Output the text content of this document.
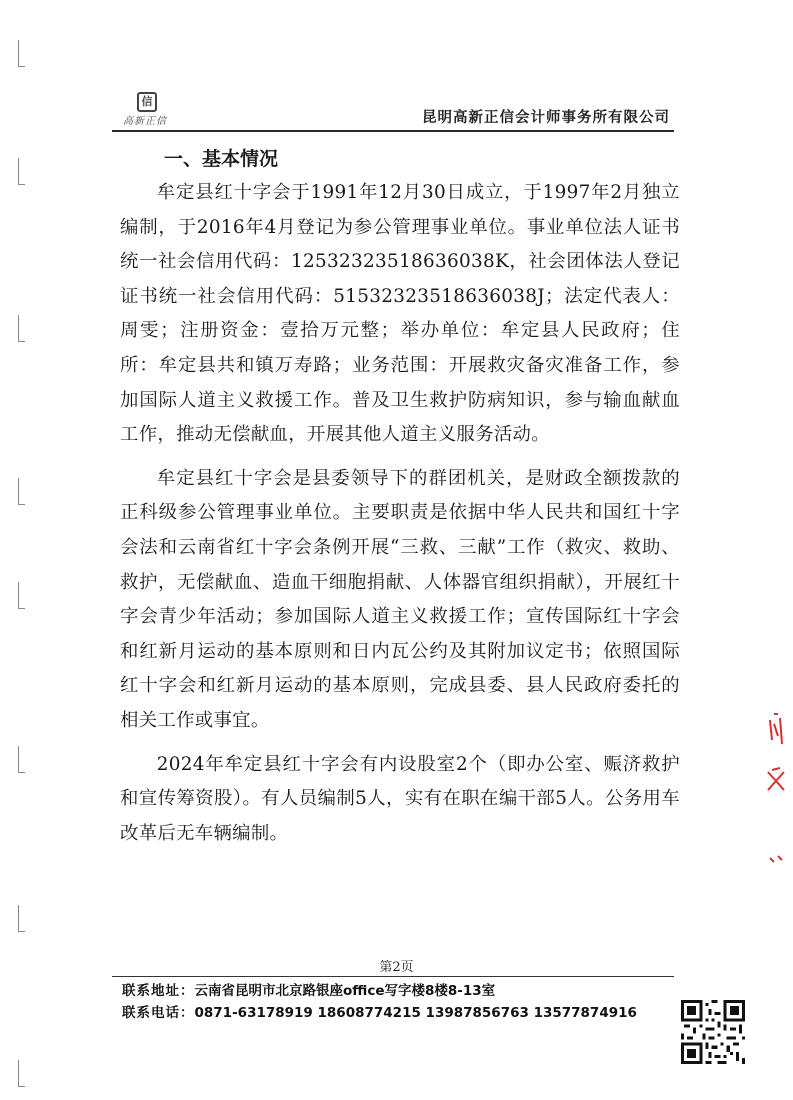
信
高新正信	昆明高新正信会计师事务所有限公司
一、基本情况

牟定县红十字会于1991年12月30日成立，于1997年2月独立编制，于2016年4月登记为参公管理事业单位。事业单位法人证书统一社会信用代码：12532323518636038K，社会团体法人登记证书统一社会信用代码：51532323518636038J；法定代表人：周雯；注册资金：壹拾万元整；举办单位：牟定县人民政府；住所：牟定县共和镇万寿路；业务范围：开展救灾备灾准备工作，参加国际人道主义救援工作。普及卫生救护防病知识，参与输血献血工作，推动无偿献血，开展其他人道主义服务活动。

牟定县红十字会是县委领导下的群团机关，是财政全额拨款的正科级参公管理事业单位。主要职责是依据中华人民共和国红十字会法和云南省红十字会条例开展“三救、三献”工作（救灾、救助、救护，无偿献血、造血干细胞捐献、人体器官组织捐献），开展红十字会青少年活动；参加国际人道主义救援工作；宣传国际红十字会和红新月运动的基本原则和日内瓦公约及其附加议定书；依照国际红十字会和红新月运动的基本原则，完成县委、县人民政府委托的相关工作或事宜。

2024年牟定县红十字会有内设股室2个（即办公室、赈济救护和宣传筹资股）。有人员编制5人，实有在职在编干部5人。公务用车改革后无车辆编制。

第2页
联系地址：云南省昆明市北京路银座office写字楼8楼8-13室
联系电话：0871-63178919 18608774215 13987856763 13577874916
